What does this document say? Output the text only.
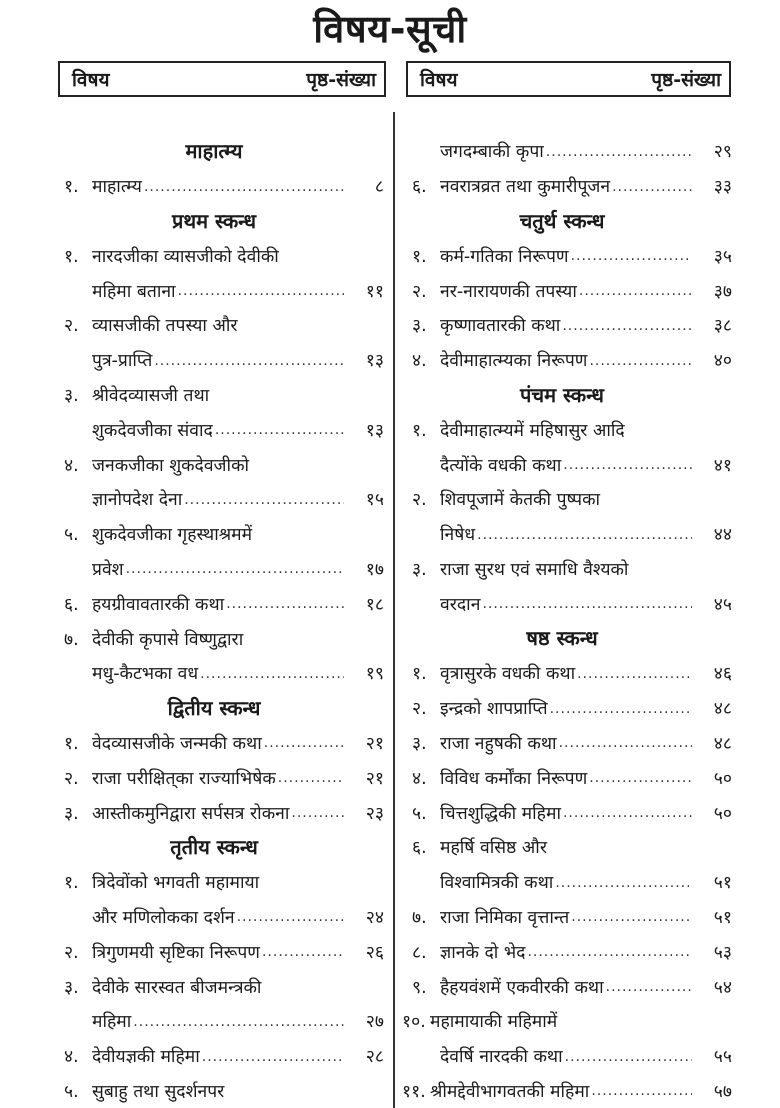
विषय-सूची
विषय	पृष्ठ-संख्या विषय	पृष्ठ-संख्या
माहात्म्य
१. माहात्म्य .....	८
प्रथम स्कन्ध
१. नारदजीका व्यासजीको देवीकी
महिमा बताना .....	११
२. व्यासजीकी तपस्या और
पुत्र-प्राप्ति .....	१३
३. श्रीवेदव्यासजी तथा
शुकदेवजीका संवाद .....	१३
४. जनकजीका शुकदेवजीको
ज्ञानोपदेश देना .....	१५
५. शुकदेवजीका गृहस्थाश्रममें
प्रवेश .....	१७
६. हयग्रीवावतारकी कथा .....	१८
७. देवीकी कृपासे विष्णुद्वारा
मधु-कैटभका वध .....	१९
द्वितीय स्कन्ध
१. वेदव्यासजीके जन्मकी कथा .....	२१
२. राजा परीक्षित्‌का राज्याभिषेक .....	२१
३. आस्तीकमुनिद्वारा सर्पसत्र रोकना .....	२३
तृतीय स्कन्ध
१. त्रिदेवोंको भगवती महामाया
और मणिलोकका दर्शन .....	२४
२. त्रिगुणमयी सृष्टिका निरूपण .....	२६
३. देवीके सारस्वत बीजमन्त्रकी
महिमा .....	२७
४. देवीयज्ञकी महिमा .....	२८
५. सुबाहु तथा सुदर्शनपर
जगदम्बाकी कृपा .....	२९
६. नवरात्रव्रत तथा कुमारीपूजन .....	३३
चतुर्थ स्कन्ध
१. कर्म-गतिका निरूपण .....	३५
२. नर-नारायणकी तपस्या .....	३७
३. कृष्णावतारकी कथा .....	३८
४. देवीमाहात्म्यका निरूपण .....	४०
पंचम स्कन्ध
१. देवीमाहात्म्यमें महिषासुर आदि
दैत्योंके वधकी कथा .....	४१
२. शिवपूजामें केतकी पुष्पका
निषेध .....	४४
३. राजा सुरथ एवं समाधि वैश्यको
वरदान .....	४५
षष्ठ स्कन्ध
१. वृत्रासुरके वधकी कथा .....	४६
२. इन्द्रको शापप्राप्ति .....	४८
३. राजा नहुषकी कथा .....	४८
४. विविध कर्मोंका निरूपण .....	५०
५. चित्तशुद्धिकी महिमा .....	५०
६. महर्षि वसिष्ठ और
विश्वामित्रकी कथा .....	५१
७. राजा निमिका वृत्तान्त .....	५१
८. ज्ञानके दो भेद .....	५३
९. हैहयवंशमें एकवीरकी कथा .....	५४
१०. महामायाकी महिमामें
देवर्षि नारदकी कथा .....	५५
११. श्रीमद्देवीभागवतकी महिमा .....	५७
